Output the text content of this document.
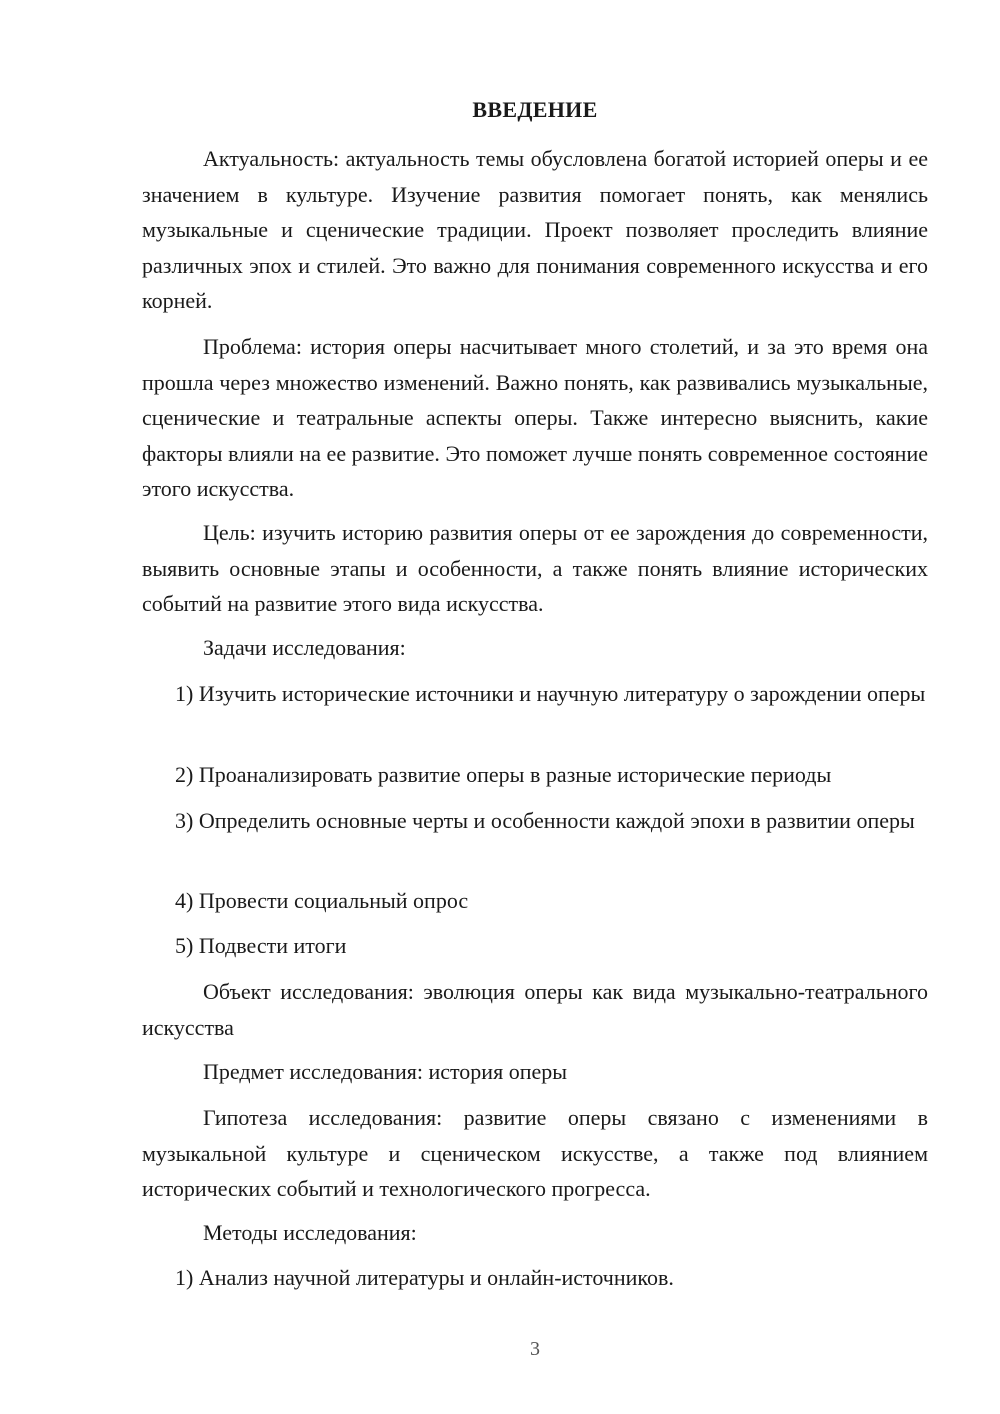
ВВЕДЕНИЕ

Актуальность: актуальность темы обусловлена богатой историей оперы и ее значением в культуре. Изучение развития помогает понять, как менялись музыкальные и сценические традиции. Проект позволяет проследить влияние различных эпох и стилей. Это важно для понимания современного искусства и его корней.

Проблема: история оперы насчитывает много столетий, и за это время она прошла через множество изменений. Важно понять, как развивались музыкальные, сценические и театральные аспекты оперы. Также интересно выяснить, какие факторы влияли на ее развитие. Это поможет лучше понять современное состояние этого искусства.

Цель: изучить историю развития оперы от ее зарождения до современности, выявить основные этапы и особенности, а также понять влияние исторических событий на развитие этого вида искусства.

Задачи исследования:

1) Изучить исторические источники и научную литературу о зарождении оперы

2) Проанализировать развитие оперы в разные исторические периоды

3) Определить основные черты и особенности каждой эпохи в развитии оперы

4) Провести социальный опрос

5) Подвести итоги

Объект исследования: эволюция оперы как вида музыкально-театрального искусства

Предмет исследования: история оперы

Гипотеза исследования: развитие оперы связано с изменениями в музыкальной культуре и сценическом искусстве, а также под влиянием исторических событий и технологического прогресса.

Методы исследования:

1) Анализ научной литературы и онлайн-источников.

3
